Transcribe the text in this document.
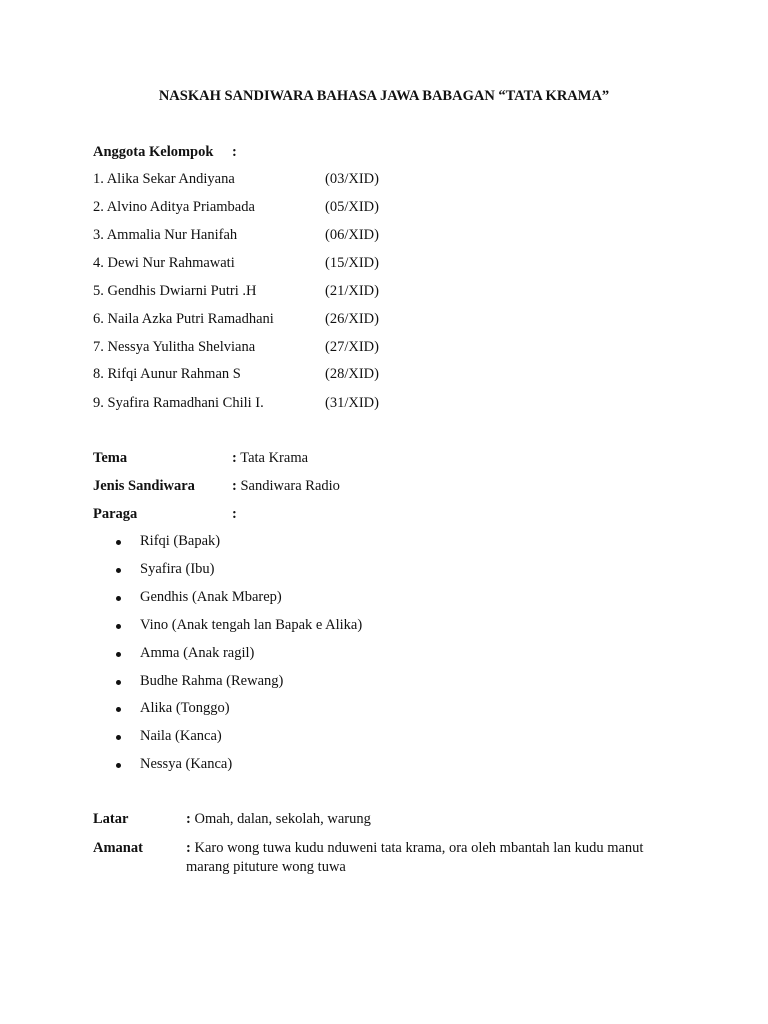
NASKAH SANDIWARA BAHASA JAWA BABAGAN “TATA KRAMA”
Anggota Kelompok :
1. Alika Sekar Andiyana	(03/XID)
2. Alvino Aditya Priambada	(05/XID)
3. Ammalia Nur Hanifah	(06/XID)
4. Dewi Nur Rahmawati	(15/XID)
5. Gendhis Dwiarni Putri .H	(21/XID)
6. Naila Azka Putri Ramadhani	(26/XID)
7. Nessya Yulitha Shelviana	(27/XID)
8. Rifqi Aunur Rahman S	(28/XID)
9. Syafira Ramadhani Chili I.	(31/XID)
Tema	: Tata Krama
Jenis Sandiwara	: Sandiwara Radio
Paraga	:
Rifqi (Bapak)
Syafira (Ibu)
Gendhis (Anak Mbarep)
Vino (Anak tengah lan Bapak e Alika)
Amma (Anak ragil)
Budhe Rahma (Rewang)
Alika (Tonggo)
Naila (Kanca)
Nessya (Kanca)
Latar	: Omah, dalan, sekolah, warung
Amanat	: Karo wong tuwa kudu nduweni tata krama, ora oleh mbantah lan kudu manut
marang pituture wong tuwa
